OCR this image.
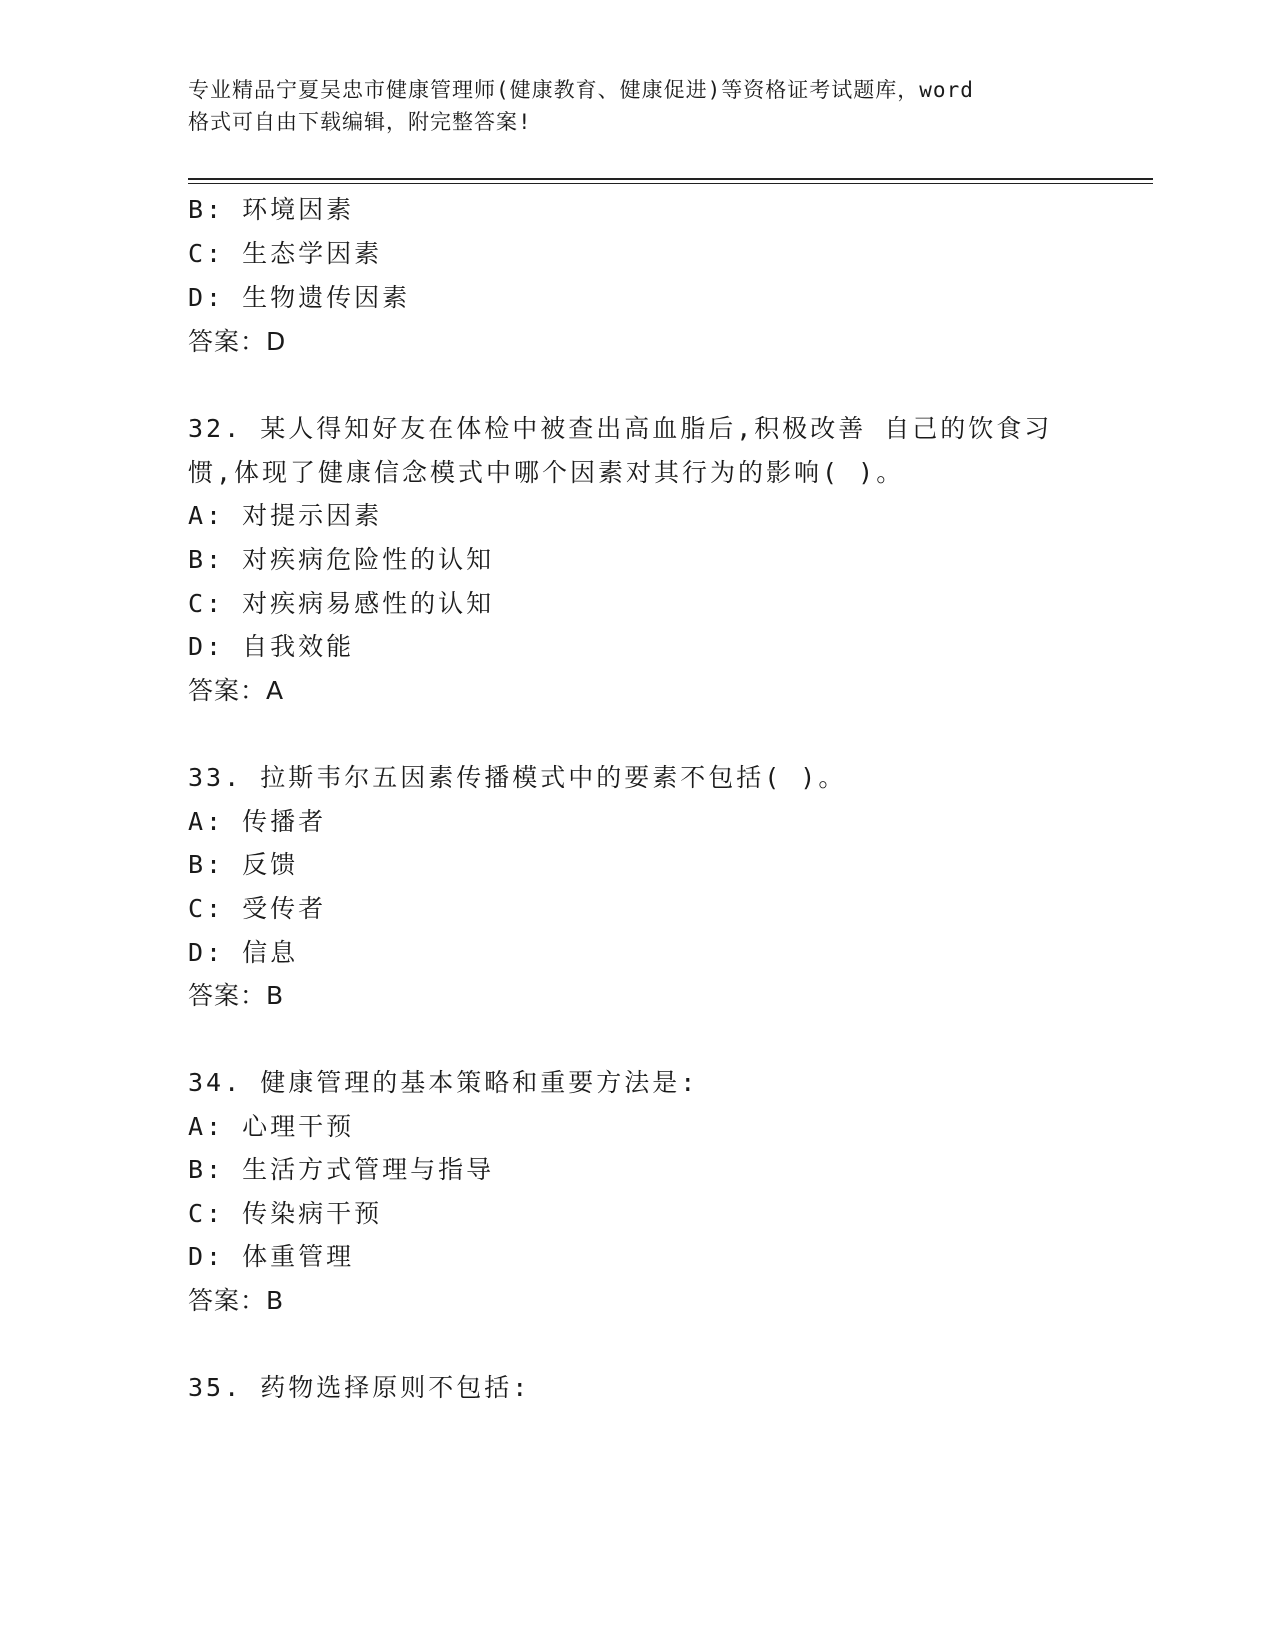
专业精品宁夏吴忠市健康管理师(健康教育、健康促进)等资格证考试题库，word
格式可自由下载编辑，附完整答案!
B: 环境因素
C: 生态学因素
D: 生物遗传因素
答案：D
32. 某人得知好友在体检中被查出高血脂后,积极改善 自己的饮食习
惯,体现了健康信念模式中哪个因素对其行为的影响( )。
A: 对提示因素
B: 对疾病危险性的认知
C: 对疾病易感性的认知
D: 自我效能
答案：A
33. 拉斯韦尔五因素传播模式中的要素不包括( )。
A: 传播者
B: 反馈
C: 受传者
D: 信息
答案：B
34. 健康管理的基本策略和重要方法是:
A: 心理干预
B: 生活方式管理与指导
C: 传染病干预
D: 体重管理
答案：B
35. 药物选择原则不包括:
